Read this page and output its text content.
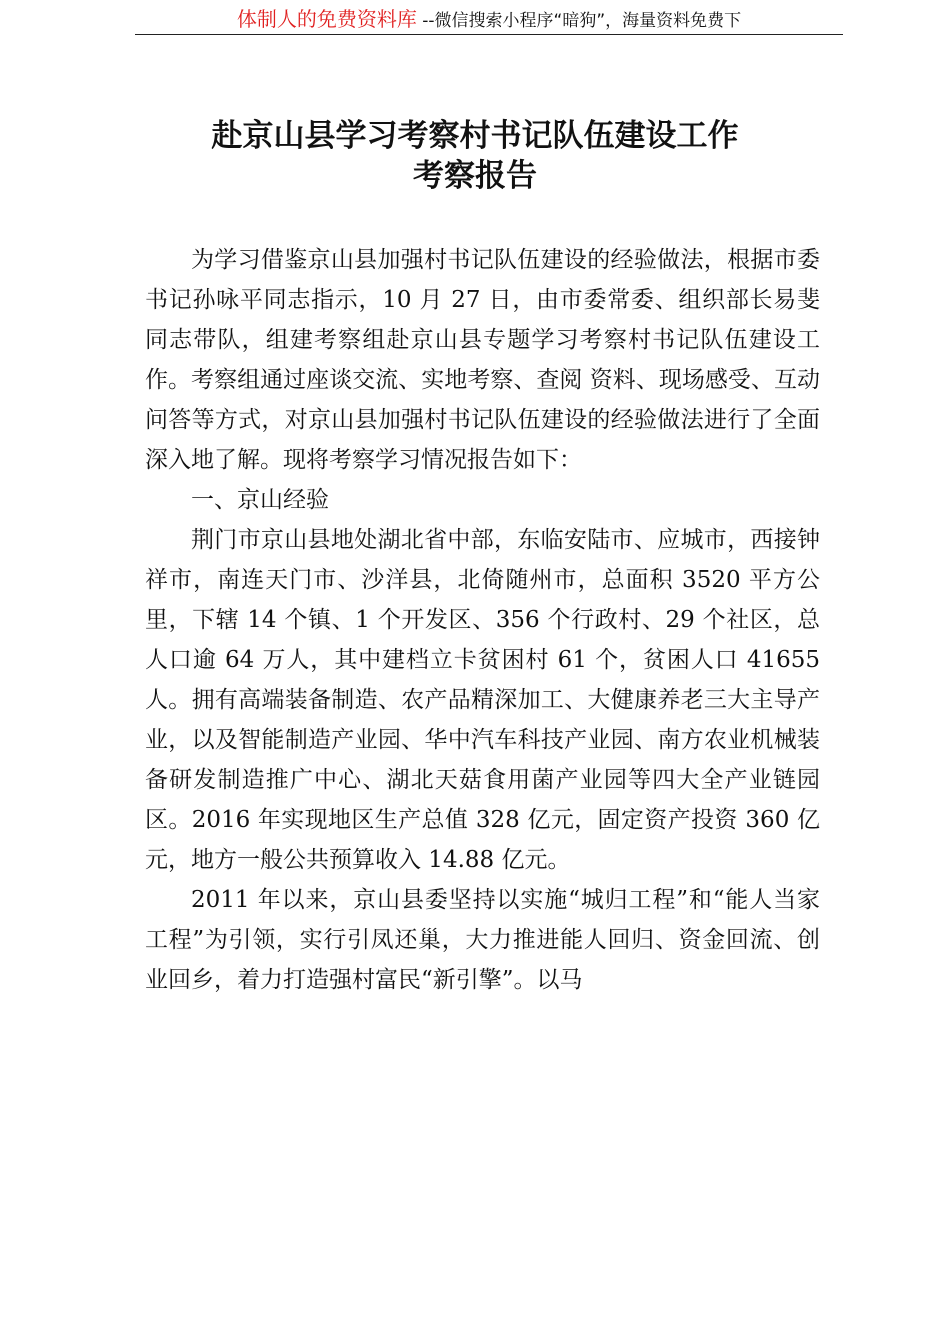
体制人的免费资料库 --微信搜索小程序“暗狗”，海量资料免费下
赴京山县学习考察村书记队伍建设工作
考察报告

为学习借鉴京山县加强村书记队伍建设的经验做法，根据市委书记孙咏平同志指示，10 月 27 日，由市委常委、组织部长易斐同志带队，组建考察组赴京山县专题学习考察村书记队伍建设工作。考察组通过座谈交流、实地考察、查阅 资料、现场感受、互动问答等方式，对京山县加强村书记队伍建设的经验做法进行了全面深入地了解。现将考察学习情况报告如下：

一、京山经验

荆门市京山县地处湖北省中部，东临安陆市、应城市，西接钟祥市，南连天门市、沙洋县，北倚随州市，总面积 3520 平方公里，下辖 14 个镇、1 个开发区、356 个行政村、29 个社区，总人口逾 64 万人，其中建档立卡贫困村 61 个，贫困人口 41655 人。拥有高端装备制造、农产品精深加工、大健康养老三大主导产业，以及智能制造产业园、华中汽车科技产业园、南方农业机械装备研发制造推广中心、湖北天菇食用菌产业园等四大全产业链园区。2016 年实现地区生产总值 328 亿元，固定资产投资 360 亿元，地方一般公共预算收入 14.88 亿元。

2011 年以来，京山县委坚持以实施“城归工程”和“能人当家工程”为引领，实行引凤还巢，大力推进能人回归、资金回流、创业回乡，着力打造强村富民“新引擎”。以马
